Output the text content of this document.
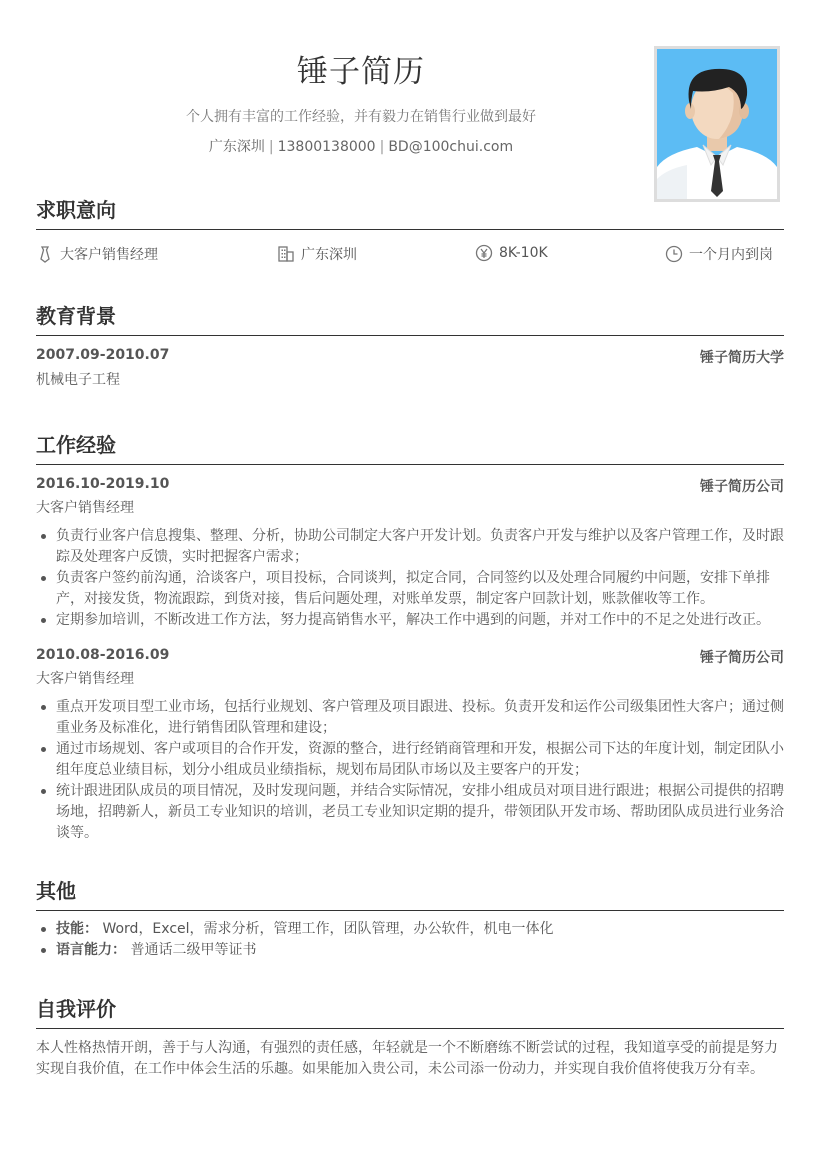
锤子简历
个人拥有丰富的工作经验，并有毅力在销售行业做到最好
广东深圳 | 13800138000 | BD@100chui.com
求职意向
大客户销售经理	广东深圳	8K-10K	一个月内到岗
教育背景
2007.09-2010.07	锤子简历大学
机械电子工程
工作经验
2016.10-2019.10	锤子简历公司
大客户销售经理
负责行业客户信息搜集、整理、分析，协助公司制定大客户开发计划。负责客户开发与维护以及客户管理工作，及时跟踪及处理客户反馈，实时把握客户需求；
负责客户签约前沟通，洽谈客户，项目投标，合同谈判，拟定合同，合同签约以及处理合同履约中问题，安排下单排产，对接发货，物流跟踪，到货对接，售后问题处理，对账单发票，制定客户回款计划，账款催收等工作。
定期参加培训，不断改进工作方法，努力提高销售水平，解决工作中遇到的问题，并对工作中的不足之处进行改正。
2010.08-2016.09	锤子简历公司
大客户销售经理
重点开发项目型工业市场，包括行业规划、客户管理及项目跟进、投标。负责开发和运作公司级集团性大客户；通过侧重业务及标准化，进行销售团队管理和建设；
通过市场规划、客户或项目的合作开发，资源的整合，进行经销商管理和开发，根据公司下达的年度计划，制定团队小组年度总业绩目标，划分小组成员业绩指标，规划布局团队市场以及主要客户的开发；
统计跟进团队成员的项目情况，及时发现问题，并结合实际情况，安排小组成员对项目进行跟进；根据公司提供的招聘场地，招聘新人，新员工专业知识的培训，老员工专业知识定期的提升，带领团队开发市场、帮助团队成员进行业务洽谈等。
其他
技能： Word，Excel，需求分析，管理工作，团队管理，办公软件，机电一体化
语言能力： 普通话二级甲等证书
自我评价
本人性格热情开朗，善于与人沟通，有强烈的责任感，年轻就是一个不断磨练不断尝试的过程，我知道享受的前提是努力实现自我价值，在工作中体会生活的乐趣。如果能加入贵公司，未公司添一份动力，并实现自我价值将使我万分有幸。
